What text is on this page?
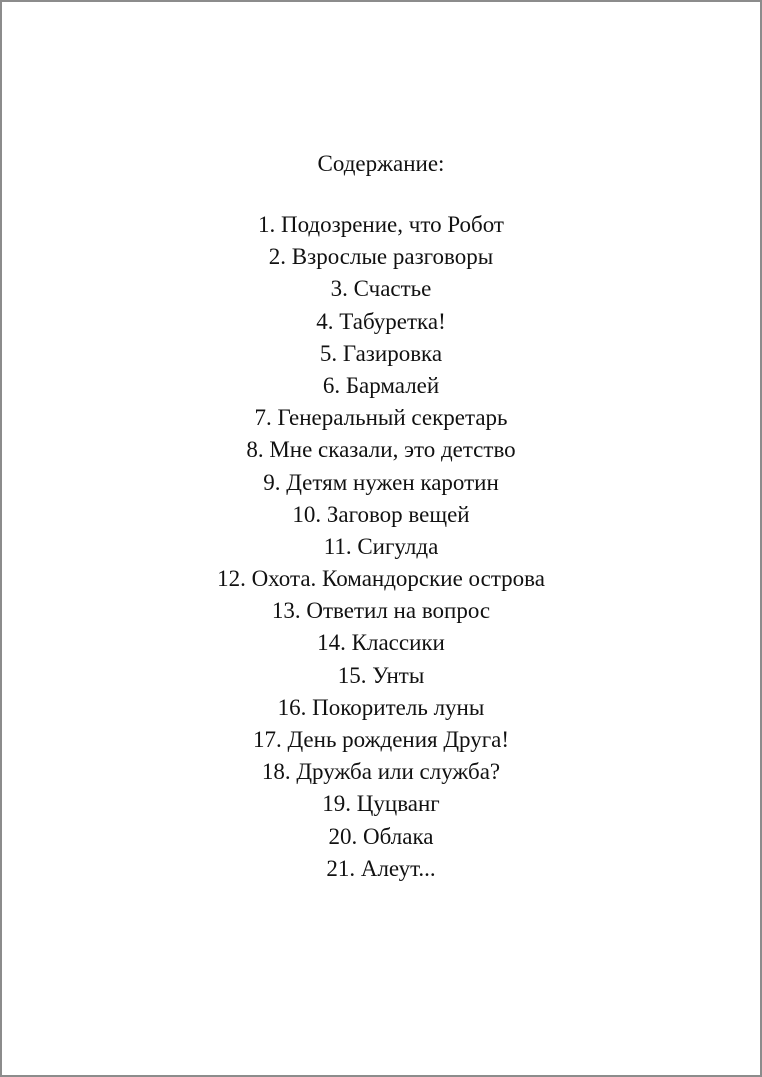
Содержание:
1. Подозрение, что Робот
2. Взрослые разговоры
3. Счастье
4. Табуретка!
5. Газировка
6. Бармалей
7. Генеральный секретарь
8. Мне сказали, это детство
9. Детям нужен каротин
10. Заговор вещей
11. Сигулда
12. Охота. Командорские острова
13. Ответил на вопрос
14. Классики
15. Унты
16. Покоритель луны
17. День рождения Друга!
18. Дружба или служба?
19. Цуцванг
20. Облака
21. Алеут...
